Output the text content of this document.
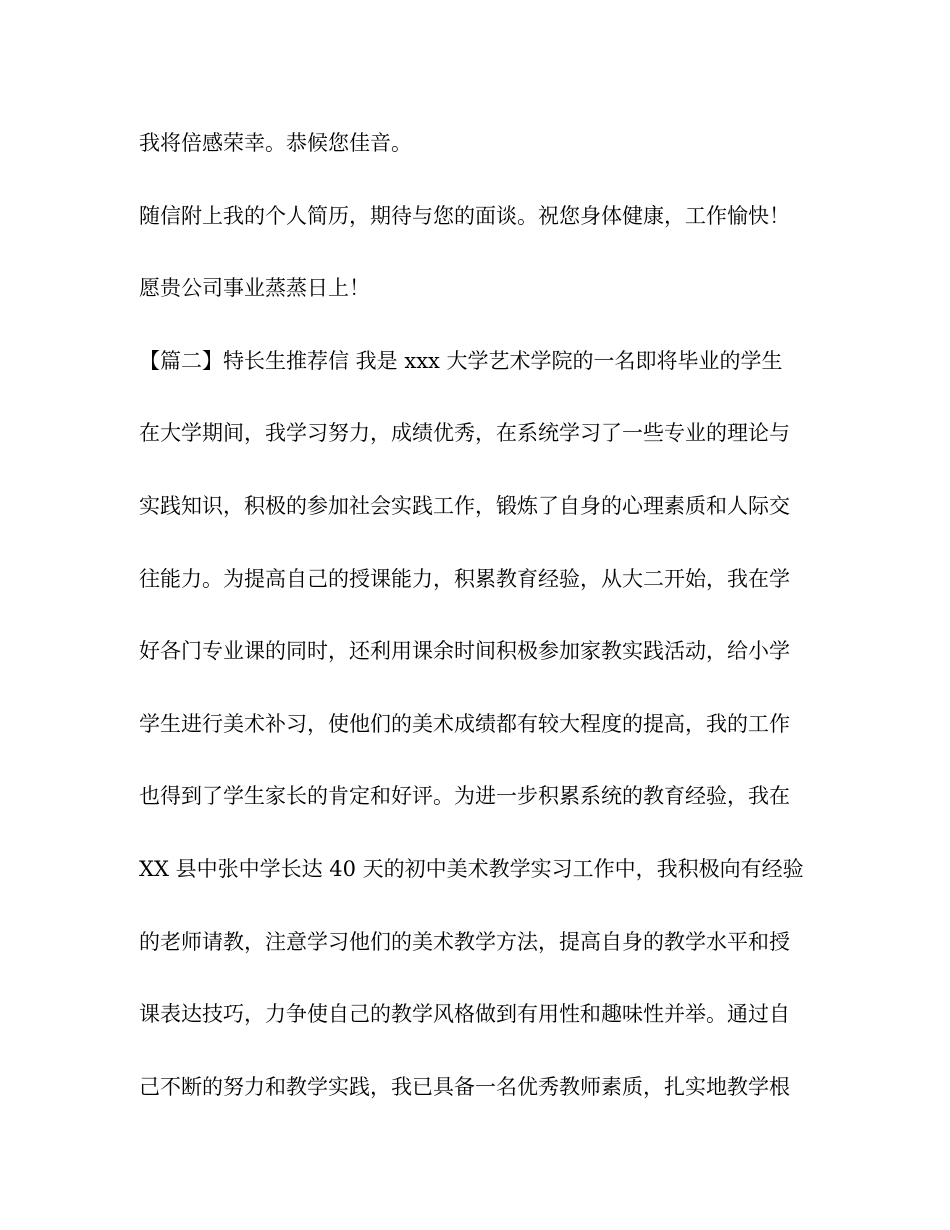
我将倍感荣幸。恭候您佳音。
随信附上我的个人简历，期待与您的面谈。祝您身体健康，工作愉快！
愿贵公司事业蒸蒸日上！
【篇二】特长生推荐信 我是 xxx 大学艺术学院的一名即将毕业的学生
在大学期间，我学习努力，成绩优秀，在系统学习了一些专业的理论与
实践知识，积极的参加社会实践工作，锻炼了自身的心理素质和人际交
往能力。为提高自己的授课能力，积累教育经验，从大二开始，我在学
好各门专业课的同时，还利用课余时间积极参加家教实践活动，给小学
学生进行美术补习，使他们的美术成绩都有较大程度的提高，我的工作
也得到了学生家长的肯定和好评。为进一步积累系统的教育经验，我在
XX 县中张中学长达 40 天的初中美术教学实习工作中，我积极向有经验
的老师请教，注意学习他们的美术教学方法，提高自身的教学水平和授
课表达技巧，力争使自己的教学风格做到有用性和趣味性并举。通过自
己不断的努力和教学实践，我已具备一名优秀教师素质，扎实地教学根
